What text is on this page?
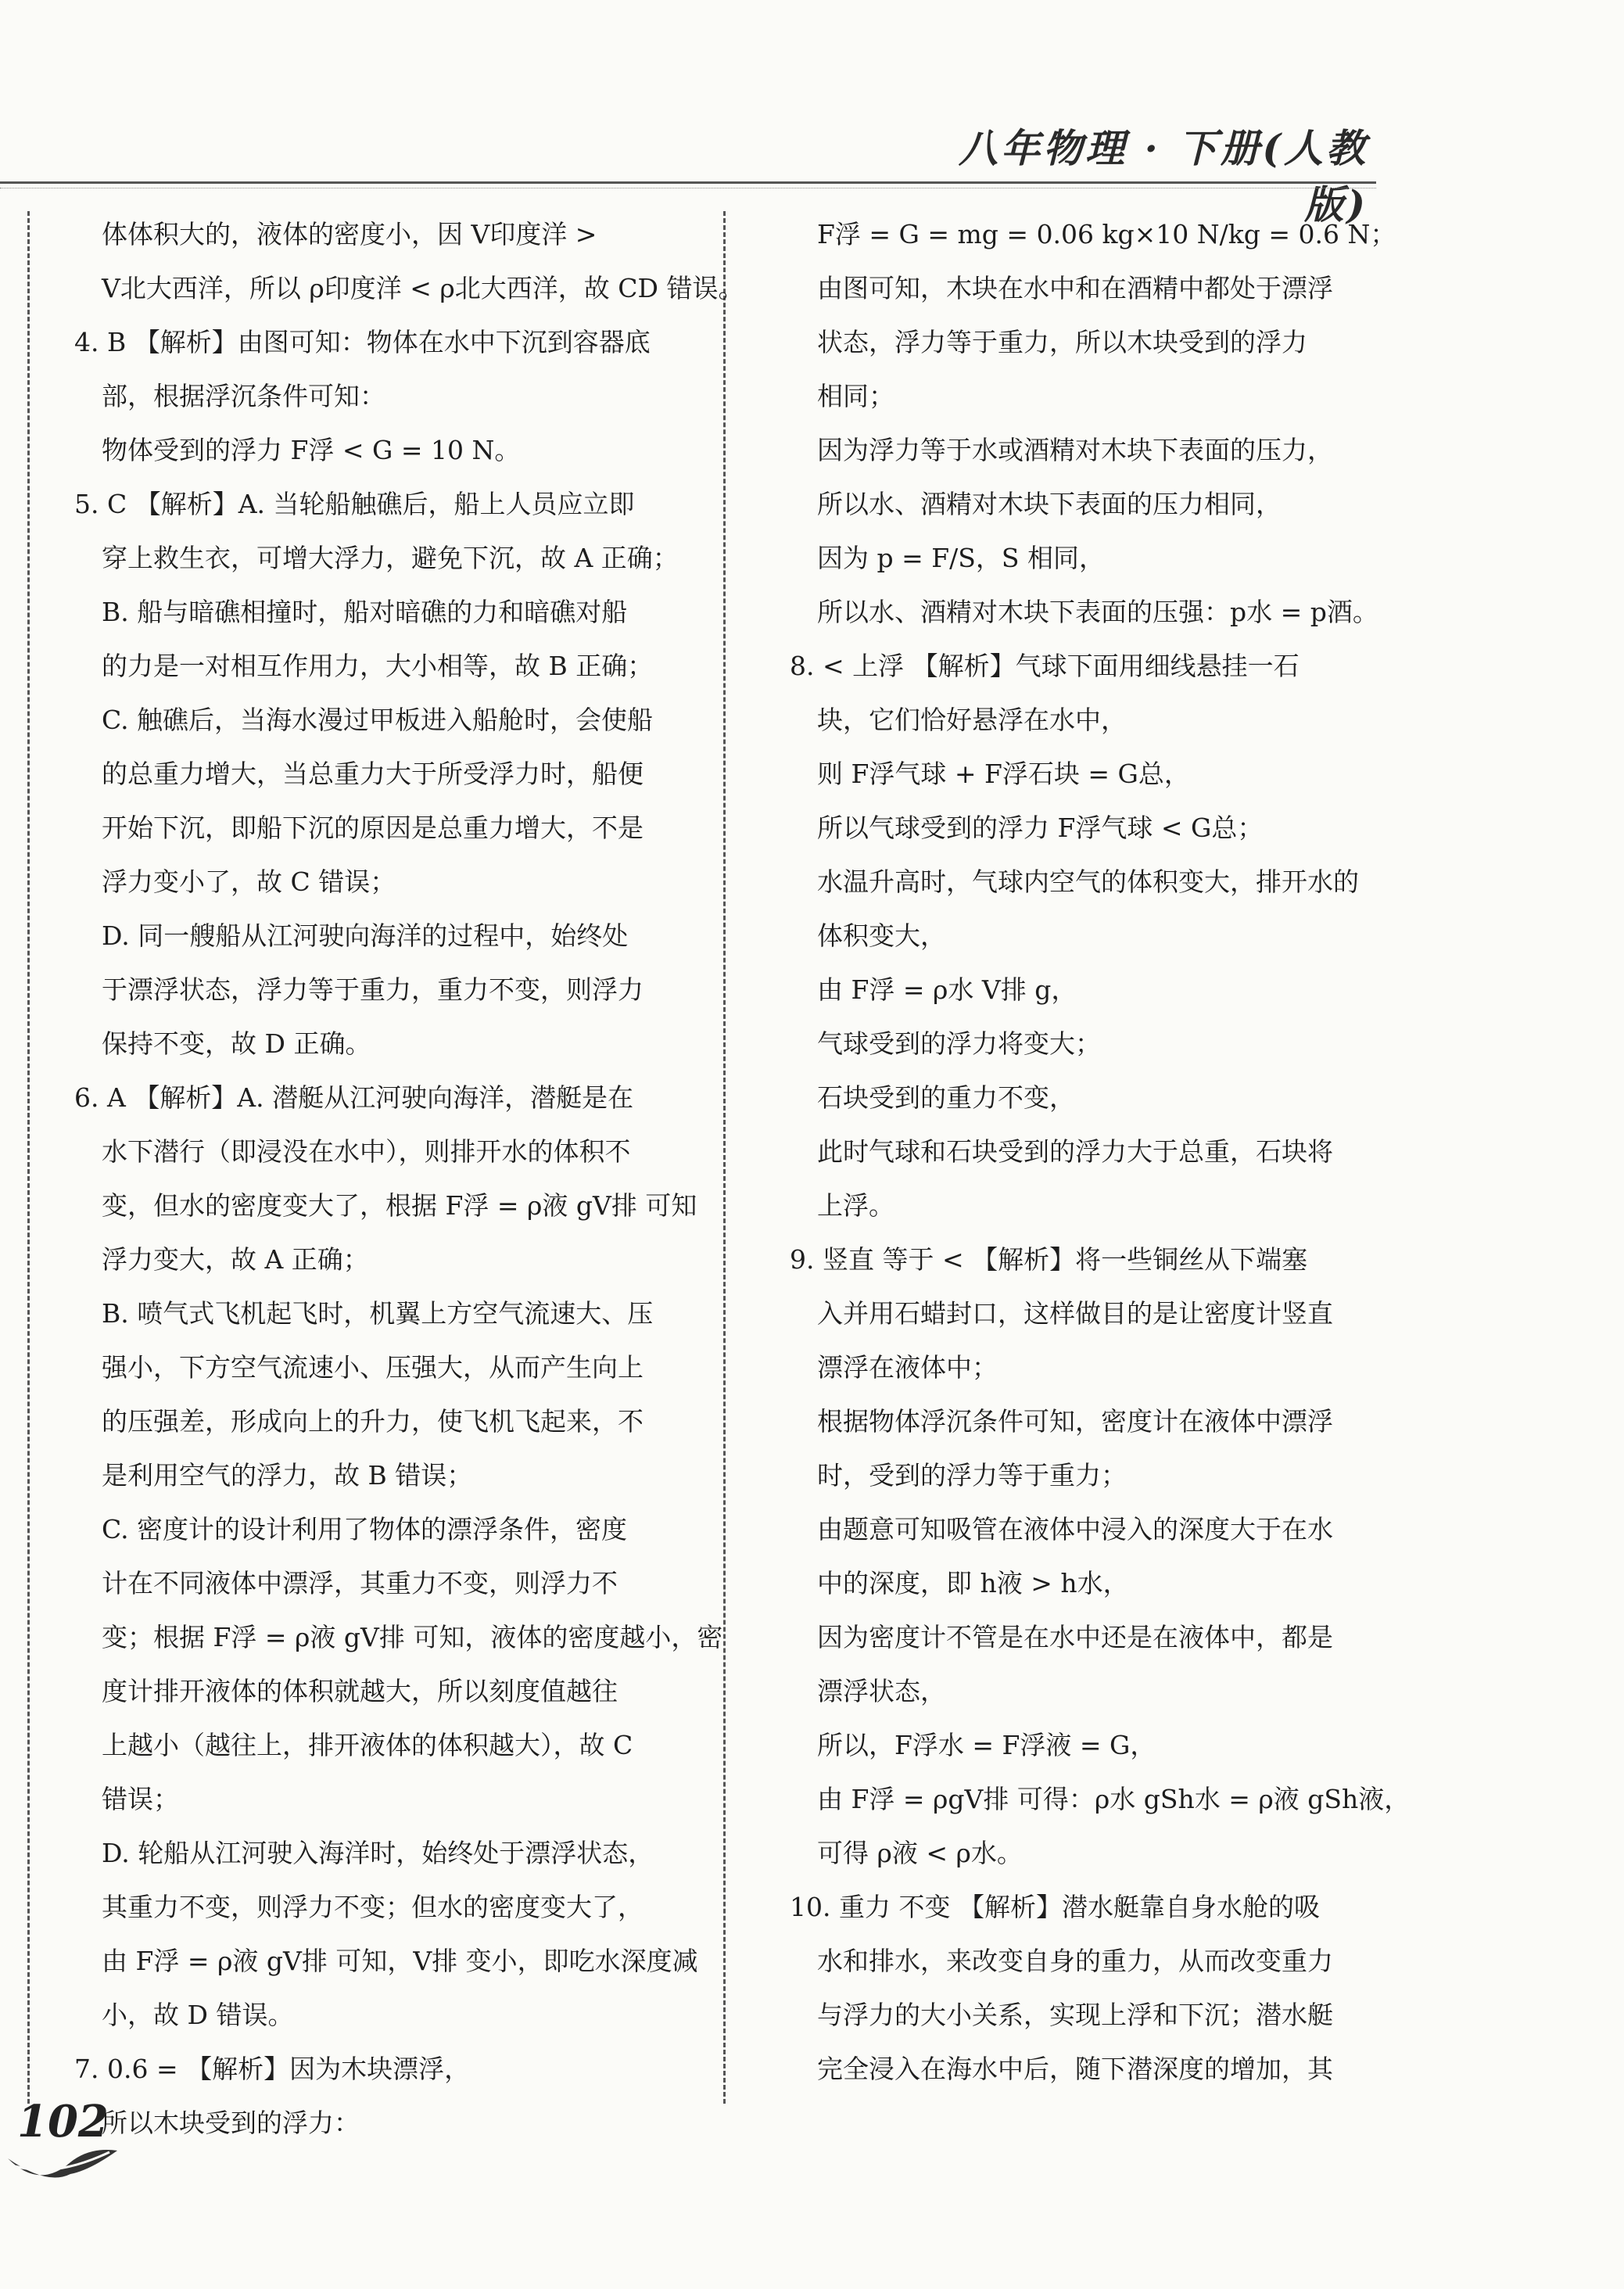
八年物理 · 下册(人教版)
体体积大的，液体的密度小，因 V印度洋 >
V北大西洋，所以 ρ印度洋 < ρ北大西洋，故 CD 错误。
4. B 【解析】由图可知：物体在水中下沉到容器底
部，根据浮沉条件可知：
物体受到的浮力 F浮 < G = 10 N。
5. C 【解析】A. 当轮船触礁后，船上人员应立即
穿上救生衣，可增大浮力，避免下沉，故 A 正确；
B. 船与暗礁相撞时，船对暗礁的力和暗礁对船
的力是一对相互作用力，大小相等，故 B 正确；
C. 触礁后，当海水漫过甲板进入船舱时，会使船
的总重力增大，当总重力大于所受浮力时，船便
开始下沉，即船下沉的原因是总重力增大，不是
浮力变小了，故 C 错误；
D. 同一艘船从江河驶向海洋的过程中，始终处
于漂浮状态，浮力等于重力，重力不变，则浮力
保持不变，故 D 正确。
6. A 【解析】A. 潜艇从江河驶向海洋，潜艇是在
水下潜行（即浸没在水中），则排开水的体积不
变，但水的密度变大了，根据 F浮 = ρ液 gV排 可知
浮力变大，故 A 正确；
B. 喷气式飞机起飞时，机翼上方空气流速大、压
强小，下方空气流速小、压强大，从而产生向上
的压强差，形成向上的升力，使飞机飞起来，不
是利用空气的浮力，故 B 错误；
C. 密度计的设计利用了物体的漂浮条件，密度
计在不同液体中漂浮，其重力不变，则浮力不
变；根据 F浮 = ρ液 gV排 可知，液体的密度越小，密
度计排开液体的体积就越大，所以刻度值越往
上越小（越往上，排开液体的体积越大），故 C
错误；
D. 轮船从江河驶入海洋时，始终处于漂浮状态，
其重力不变，则浮力不变；但水的密度变大了，
由 F浮 = ρ液 gV排 可知，V排 变小，即吃水深度减
小，故 D 错误。
7. 0.6 = 【解析】因为木块漂浮，
所以木块受到的浮力：
F浮 = G = mg = 0.06 kg×10 N/kg = 0.6 N；
由图可知，木块在水中和在酒精中都处于漂浮
状态，浮力等于重力，所以木块受到的浮力
相同；
因为浮力等于水或酒精对木块下表面的压力，
所以水、酒精对木块下表面的压力相同，
因为 p = F/S，S 相同，
所以水、酒精对木块下表面的压强：p水 = p酒。
8. < 上浮 【解析】气球下面用细线悬挂一石
块，它们恰好悬浮在水中，
则 F浮气球 + F浮石块 = G总，
所以气球受到的浮力 F浮气球 < G总；
水温升高时，气球内空气的体积变大，排开水的
体积变大，
由 F浮 = ρ水 V排 g，
气球受到的浮力将变大；
石块受到的重力不变，
此时气球和石块受到的浮力大于总重，石块将
上浮。
9. 竖直 等于 < 【解析】将一些铜丝从下端塞
入并用石蜡封口，这样做目的是让密度计竖直
漂浮在液体中；
根据物体浮沉条件可知，密度计在液体中漂浮
时，受到的浮力等于重力；
由题意可知吸管在液体中浸入的深度大于在水
中的深度，即 h液 > h水，
因为密度计不管是在水中还是在液体中，都是
漂浮状态，
所以，F浮水 = F浮液 = G，
由 F浮 = ρgV排 可得：ρ水 gSh水 = ρ液 gSh液，
可得 ρ液 < ρ水。
10. 重力 不变 【解析】潜水艇靠自身水舱的吸
水和排水，来改变自身的重力，从而改变重力
与浮力的大小关系，实现上浮和下沉；潜水艇
完全浸入在海水中后，随下潜深度的增加，其
102
